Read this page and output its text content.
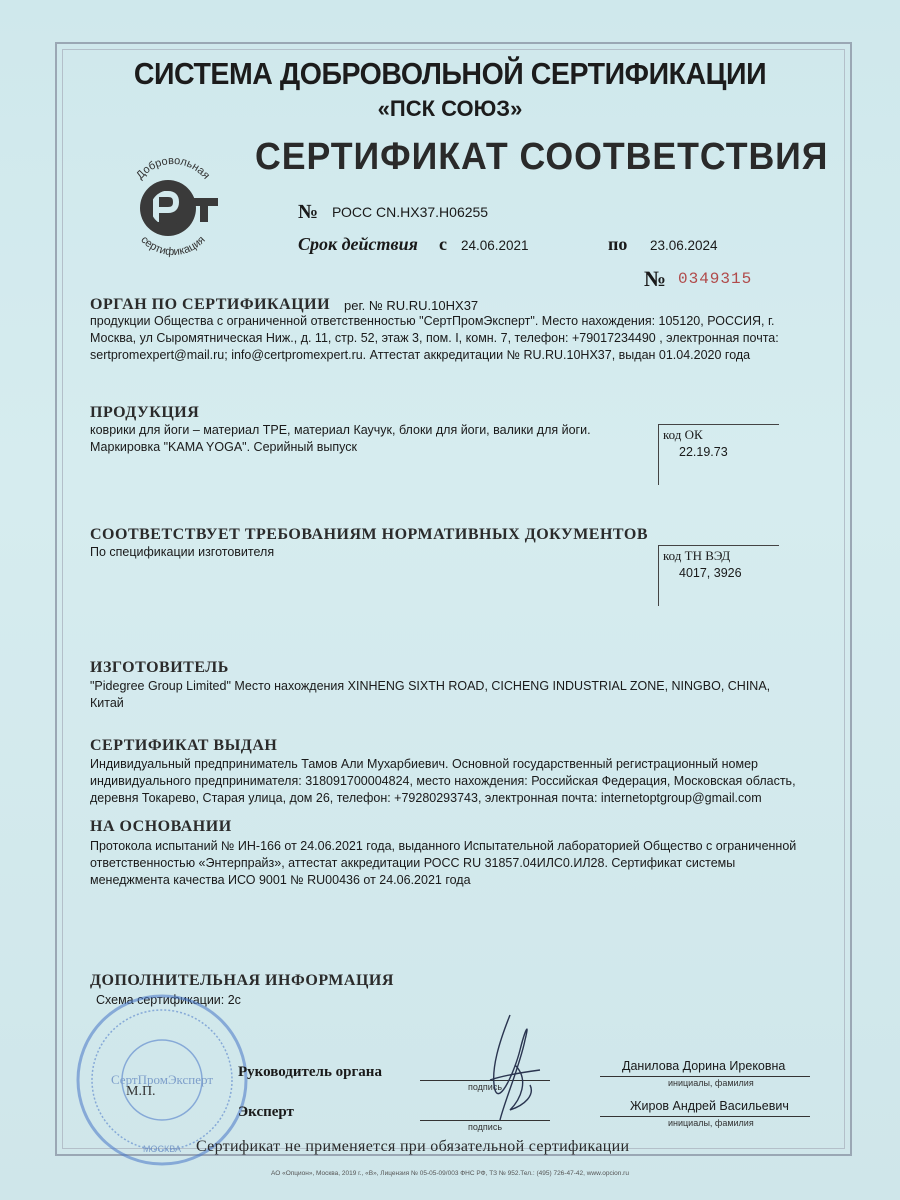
СИСТЕМА ДОБРОВОЛЬНОЙ СЕРТИФИКАЦИИ
«ПСК СОЮЗ»
Добровольная
сертификация
СЕРТИФИКАТ СООТВЕТСТВИЯ
№ РОСС CN.НХ37.Н06255
Срок действия с 24.06.2021	по 23.06.2024
№ 0349315
ОРГАН ПО СЕРТИФИКАЦИИ рег. № RU.RU.10НХ37
продукции Общества с ограниченной ответственностью "СертПромЭксперт". Место нахождения: 105120, РОССИЯ, г.
Москва, ул Сыромятническая Ниж., д. 11, стр. 52, этаж 3, пом. I, комн. 7, телефон: +79017234490 , электронная почта:
sertpromexpert@mail.ru; info@certpromexpert.ru. Аттестат аккредитации № RU.RU.10НХ37, выдан 01.04.2020 года
ПРОДУКЦИЯ
коврики для йоги – материал ТРЕ, материал Каучук, блоки для йоги, валики для йоги.
Маркировка "KAMA YOGA". Серийный выпуск
код ОК
22.19.73
СООТВЕТСТВУЕТ ТРЕБОВАНИЯМ НОРМАТИВНЫХ ДОКУМЕНТОВ
По спецификации изготовителя	код ТН ВЭД
4017, 3926
ИЗГОТОВИТЕЛЬ
"Pidegree Group Limited" Место нахождения XINHENG SIXTH ROAD, CICHENG INDUSTRIAL ZONE, NINGBO, CHINA,
Китай
СЕРТИФИКАТ ВЫДАН
Индивидуальный предприниматель Тамов Али Мухарбиевич. Основной государственный регистрационный номер
индивидуального предпринимателя: 318091700004824, место нахождения: Российская Федерация, Московская область,
деревня Токарево, Старая улица, дом 26, телефон: +79280293743, электронная почта: internetoptgroup@gmail.com
НА ОСНОВАНИИ
Протокола испытаний № ИН-166 от 24.06.2021 года, выданного Испытательной лабораторией Общество с ограниченной
ответственностью «Энтерпрайз», аттестат аккредитации РОСС RU 31857.04ИЛС0.ИЛ28. Сертификат системы
менеджмента качества ИСО 9001 № RU00436 от 24.06.2021 года
ДОПОЛНИТЕЛЬНАЯ ИНФОРМАЦИЯ
Схема сертификации: 2с
СертПромЭксперт
МОСКВА
М.П.
Руководитель органа
подпись
Данилова Дорина Ирековна
инициалы, фамилия
Эксперт
подпись
Жиров Андрей Васильевич
инициалы, фамилия
Сертификат не применяется при обязательной сертификации
АО «Опцион», Москва, 2019 г., «В», Лицензия № 05-05-09/003 ФНС РФ, ТЗ № 952.Тел.: (495) 726-47-42, www.opcion.ru
